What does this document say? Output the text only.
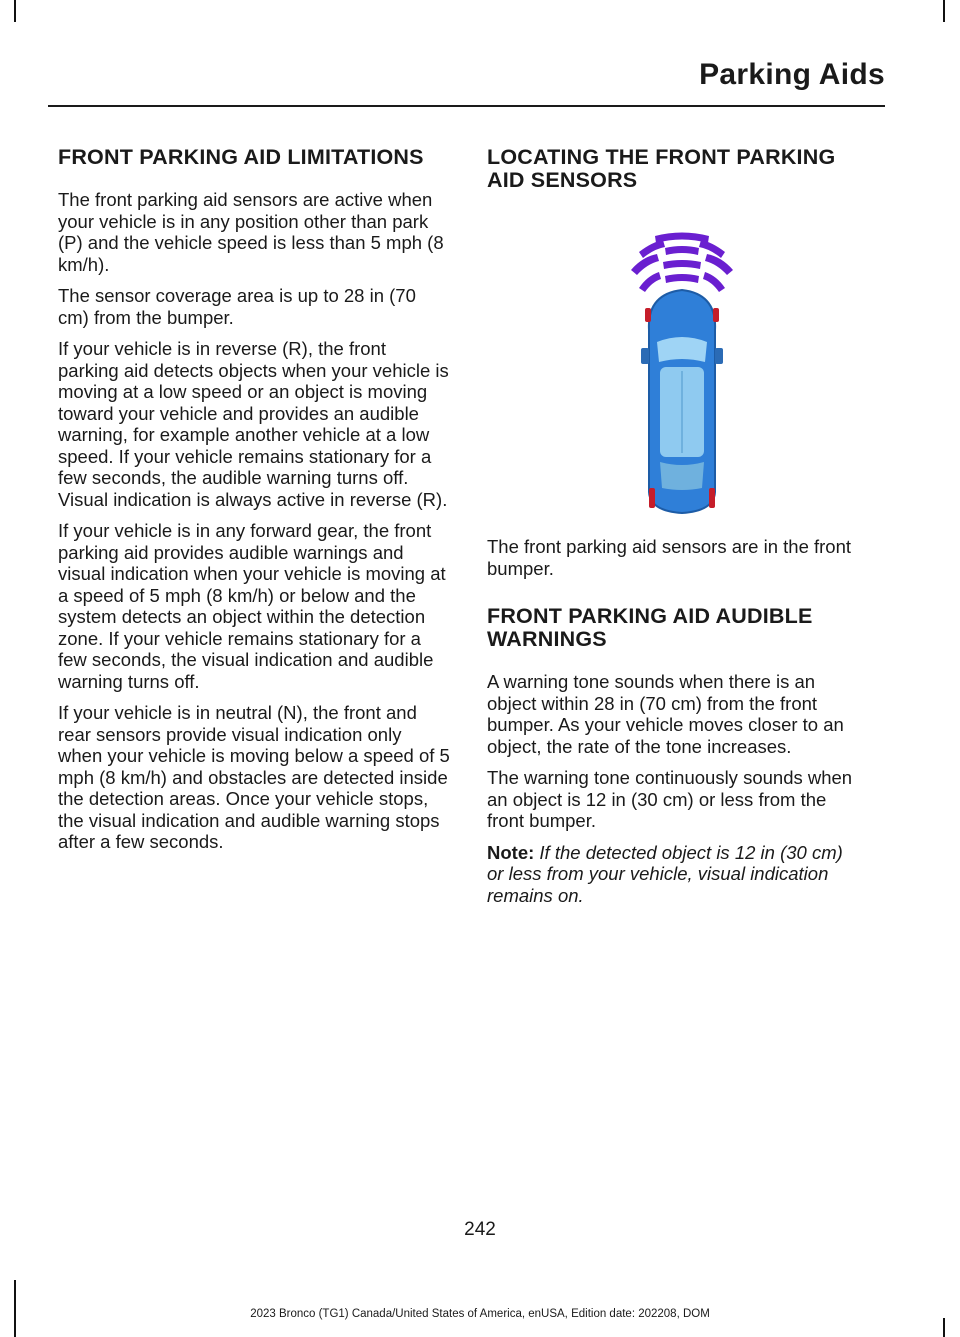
Parking Aids
FRONT PARKING AID LIMITATIONS

The front parking aid sensors are active when your vehicle is in any position other than park (P) and the vehicle speed is less than 5 mph (8 km/h).

The sensor coverage area is up to 28 in (70 cm) from the bumper.

If your vehicle is in reverse (R), the front parking aid detects objects when your vehicle is moving at a low speed or an object is moving toward your vehicle and provides an audible warning, for example another vehicle at a low speed. If your vehicle remains stationary for a few seconds, the audible warning turns off. Visual indication is always active in reverse (R).

If your vehicle is in any forward gear, the front parking aid provides audible warnings and visual indication when your vehicle is moving at a speed of 5 mph (8 km/h) or below and the system detects an object within the detection zone. If your vehicle remains stationary for a few seconds, the visual indication and audible warning turns off.

If your vehicle is in neutral (N), the front and rear sensors provide visual indication only when your vehicle is moving below a speed of 5 mph (8 km/h) and obstacles are detected inside the detection areas. Once your vehicle stops, the visual indication and audible warning stops after a few seconds.

LOCATING THE FRONT PARKING AID SENSORS

The front parking aid sensors are in the front bumper.

FRONT PARKING AID AUDIBLE WARNINGS

A warning tone sounds when there is an object within 28 in (70 cm) from the front bumper. As your vehicle moves closer to an object, the rate of the tone increases.

The warning tone continuously sounds when an object is 12 in (30 cm) or less from the front bumper.

Note: If the detected object is 12 in (30 cm) or less from your vehicle, visual indication remains on.

242
2023 Bronco (TG1) Canada/United States of America, enUSA, Edition date: 202208, DOM
